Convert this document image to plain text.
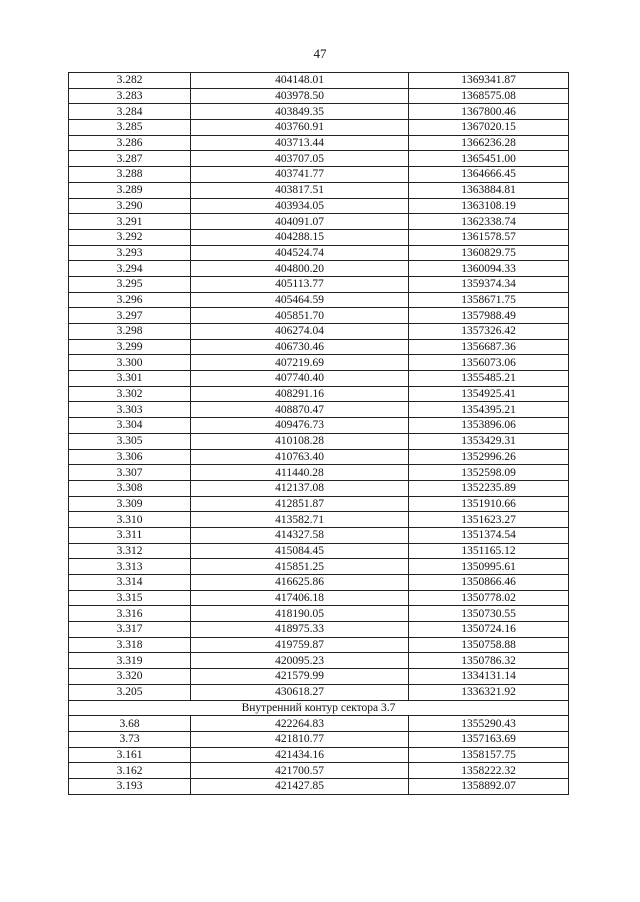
47
3.282	404148.01	1369341.87
3.283	403978.50	1368575.08
3.284	403849.35	1367800.46
3.285	403760.91	1367020.15
3.286	403713.44	1366236.28
3.287	403707.05	1365451.00
3.288	403741.77	1364666.45
3.289	403817.51	1363884.81
3.290	403934.05	1363108.19
3.291	404091.07	1362338.74
3.292	404288.15	1361578.57
3.293	404524.74	1360829.75
3.294	404800.20	1360094.33
3.295	405113.77	1359374.34
3.296	405464.59	1358671.75
3.297	405851.70	1357988.49
3.298	406274.04	1357326.42
3.299	406730.46	1356687.36
3.300	407219.69	1356073.06
3.301	407740.40	1355485.21
3.302	408291.16	1354925.41
3.303	408870.47	1354395.21
3.304	409476.73	1353896.06
3.305	410108.28	1353429.31
3.306	410763.40	1352996.26
3.307	411440.28	1352598.09
3.308	412137.08	1352235.89
3.309	412851.87	1351910.66
3.310	413582.71	1351623.27
3.311	414327.58	1351374.54
3.312	415084.45	1351165.12
3.313	415851.25	1350995.61
3.314	416625.86	1350866.46
3.315	417406.18	1350778.02
3.316	418190.05	1350730.55
3.317	418975.33	1350724.16
3.318	419759.87	1350758.88
3.319	420095.23	1350786.32
3.320	421579.99	1334131.14
3.205	430618.27	1336321.92
Внутренний контур сектора 3.7		
3.68	422264.83	1355290.43
3.73	421810.77	1357163.69
3.161	421434.16	1358157.75
3.162	421700.57	1358222.32
3.193	421427.85	1358892.07
